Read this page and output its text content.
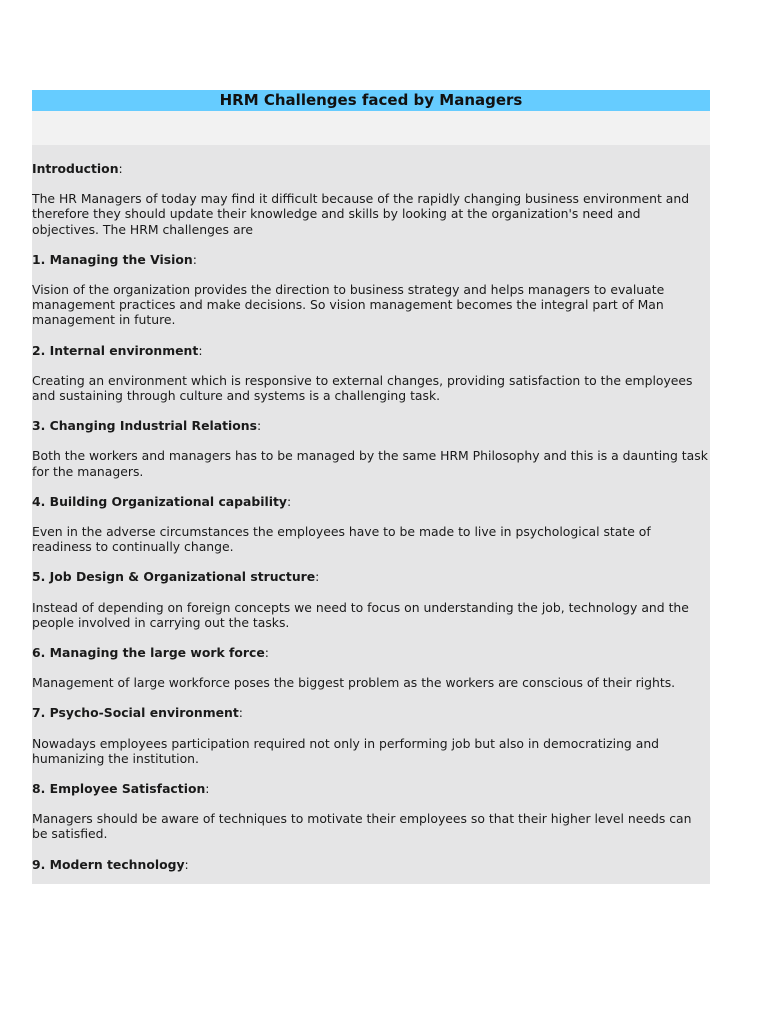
HRM Challenges faced by Managers
Introduction:
The HR Managers of today may find it difficult because of the rapidly changing business environment and therefore they should update their knowledge and skills by looking at the organization's need and objectives. The HRM challenges are
1. Managing the Vision:
Vision of the organization provides the direction to business strategy and helps managers to evaluate management practices and make decisions. So vision management becomes the integral part of Man management in future.
2. Internal environment:
Creating an environment which is responsive to external changes, providing satisfaction to the employees and sustaining through culture and systems is a challenging task.
3. Changing Industrial Relations:
Both the workers and managers has to be managed by the same HRM Philosophy and this is a daunting task for the managers.
4. Building Organizational capability:
Even in the adverse circumstances the employees have to be made to live in psychological state of readiness to continually change.
5. Job Design & Organizational structure:
Instead of depending on foreign concepts we need to focus on understanding the job, technology and the people involved in carrying out the tasks.
6. Managing the large work force:
Management of large workforce poses the biggest problem as the workers are conscious of their rights.
7. Psycho-Social environment:
Nowadays employees participation required not only in performing job but also in democratizing and humanizing the institution.
8. Employee Satisfaction:
Managers should be aware of techniques to motivate their employees so that their higher level needs can be satisfied.
9. Modern technology:
